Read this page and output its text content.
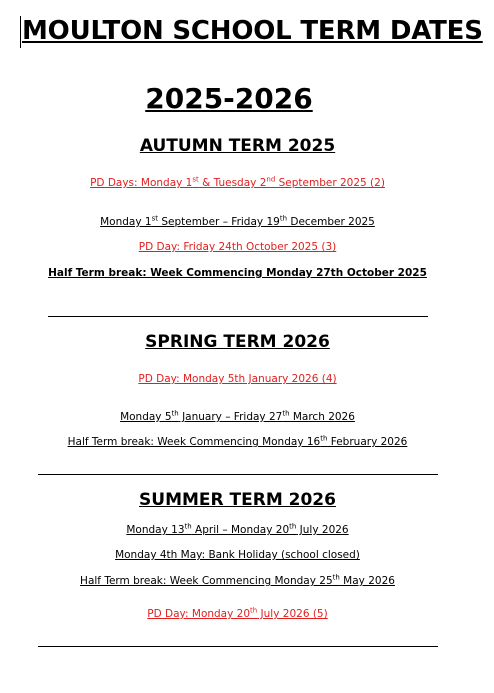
MOULTON SCHOOL TERM DATES
2025-2026
AUTUMN TERM 2025

PD Days: Monday 1st & Tuesday 2nd September 2025 (2)

Monday 1st September – Friday 19th December 2025

PD Day: Friday 24th October 2025 (3)

Half Term break: Week Commencing Monday 27th October 2025

SPRING TERM 2026

PD Day: Monday 5th January 2026 (4)

Monday 5th January – Friday 27th March 2026

Half Term break: Week Commencing Monday 16th February 2026

SUMMER TERM 2026

Monday 13th April – Monday 20th July 2026

Monday 4th May: Bank Holiday (school closed)

Half Term break: Week Commencing Monday 25th May 2026

PD Day: Monday 20th July 2026 (5)
